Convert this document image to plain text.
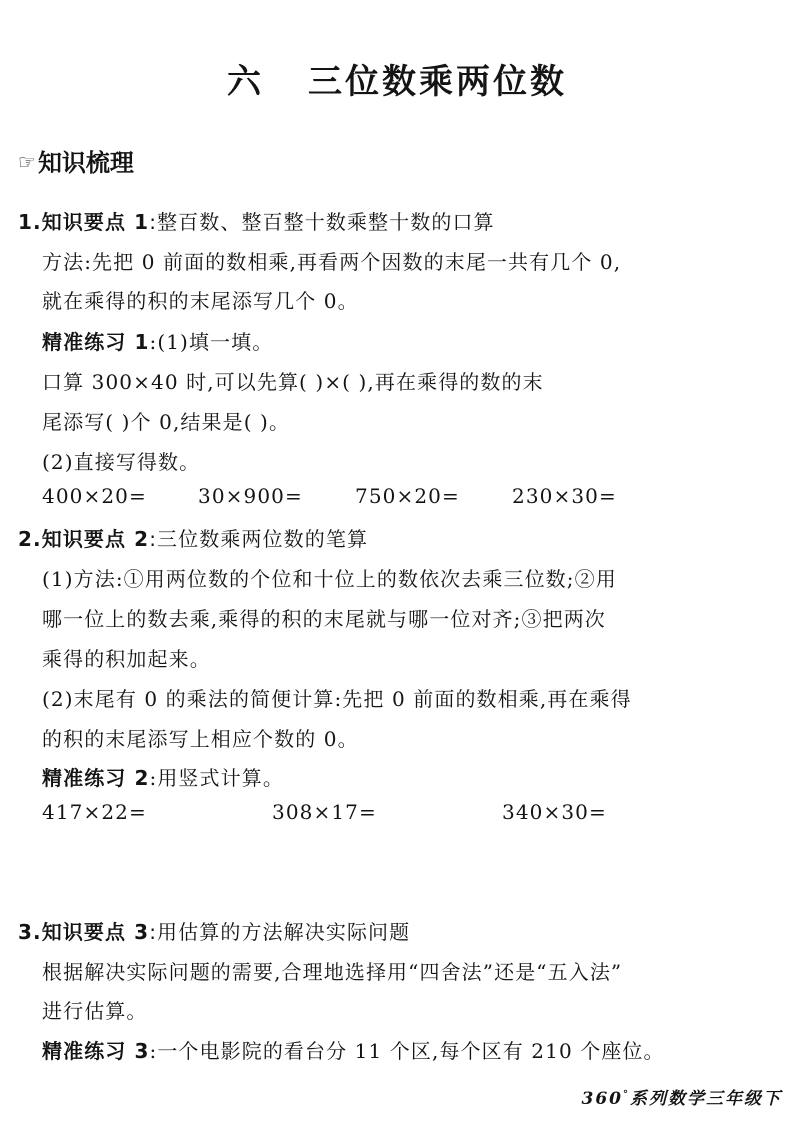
六 三位数乘两位数
☞知识梳理
1.知识要点 1:整百数、整百整十数乘整十数的口算
方法:先把 0 前面的数相乘,再看两个因数的末尾一共有几个 0,
就在乘得的积的末尾添写几个 0。
精准练习 1:(1)填一填。
口算 300×40 时,可以先算( )×( ),再在乘得的数的末
尾添写( )个 0,结果是( )。
(2)直接写得数。
400×20=	30×900=	750×20=	230×30=
2.知识要点 2:三位数乘两位数的笔算
(1)方法:①用两位数的个位和十位上的数依次去乘三位数;②用
哪一位上的数去乘,乘得的积的末尾就与哪一位对齐;③把两次
乘得的积加起来。
(2)末尾有 0 的乘法的简便计算:先把 0 前面的数相乘,再在乘得
的积的末尾添写上相应个数的 0。
精准练习 2:用竖式计算。
417×22=	308×17=	340×30=
3.知识要点 3:用估算的方法解决实际问题
根据解决实际问题的需要,合理地选择用“四舍法”还是“五入法”
进行估算。
精准练习 3:一个电影院的看台分 11 个区,每个区有 210 个座位。
360°系列数学三年级下
